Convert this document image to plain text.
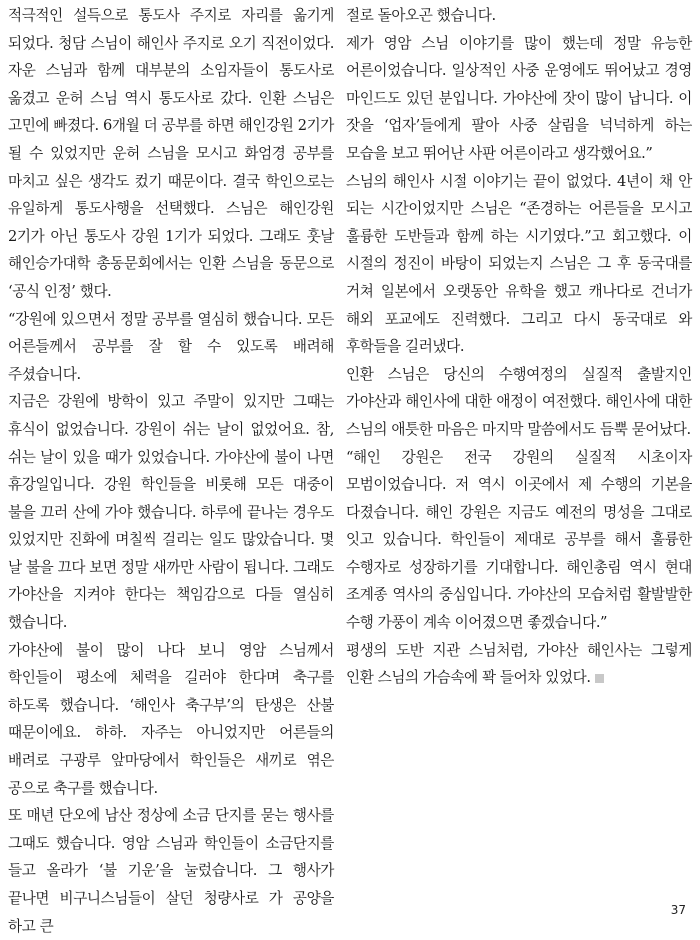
적극적인 설득으로 통도사 주지로 자리를 옮기게 되었다. 청담 스님이 해인사 주지로 오기 직전이었다. 자운 스님과 함께 대부분의 소임자들이 통도사로 옮겼고 운허 스님 역시 통도사로 갔다. 인환 스님은 고민에 빠졌다. 6개월 더 공부를 하면 해인강원 2기가 될 수 있었지만 운허 스님을 모시고 화엄경 공부를 마치고 싶은 생각도 컸기 때문이다. 결국 학인으로는 유일하게 통도사행을 선택했다. 스님은 해인강원 2기가 아닌 통도사 강원 1기가 되었다. 그래도 훗날 해인승가대학 총동문회에서는 인환 스님을 동문으로 ‘공식 인정’ 했다.

“강원에 있으면서 정말 공부를 열심히 했습니다. 모든 어른들께서 공부를 잘 할 수 있도록 배려해 주셨습니다.

지금은 강원에 방학이 있고 주말이 있지만 그때는 휴식이 없었습니다. 강원이 쉬는 날이 없었어요. 참, 쉬는 날이 있을 때가 있었습니다. 가야산에 불이 나면 휴강일입니다. 강원 학인들을 비롯해 모든 대중이 불을 끄러 산에 가야 했습니다. 하루에 끝나는 경우도 있었지만 진화에 며칠씩 걸리는 일도 많았습니다. 몇 날 불을 끄다 보면 정말 새까만 사람이 됩니다. 그래도 가야산을 지켜야 한다는 책임감으로 다들 열심히 했습니다.

가야산에 불이 많이 나다 보니 영암 스님께서 학인들이 평소에 체력을 길러야 한다며 축구를 하도록 했습니다. ‘해인사 축구부’의 탄생은 산불 때문이에요. 하하. 자주는 아니었지만 어른들의 배려로 구광루 앞마당에서 학인들은 새끼로 엮은 공으로 축구를 했습니다.

또 매년 단오에 남산 정상에 소금 단지를 묻는 행사를 그때도 했습니다. 영암 스님과 학인들이 소금단지를 들고 올라가 ‘불 기운’을 눌렀습니다. 그 행사가 끝나면 비구니스님들이 살던 청량사로 가 공양을 하고 큰

절로 돌아오곤 했습니다.

제가 영암 스님 이야기를 많이 했는데 정말 유능한 어른이었습니다. 일상적인 사중 운영에도 뛰어났고 경영 마인드도 있던 분입니다. 가야산에 잣이 많이 납니다. 이 잣을 ‘업자’들에게 팔아 사중 살림을 넉넉하게 하는 모습을 보고 뛰어난 사판 어른이라고 생각했어요.”

스님의 해인사 시절 이야기는 끝이 없었다. 4년이 채 안 되는 시간이었지만 스님은 “존경하는 어른들을 모시고 훌륭한 도반들과 함께 하는 시기였다.”고 회고했다. 이 시절의 정진이 바탕이 되었는지 스님은 그 후 동국대를 거쳐 일본에서 오랫동안 유학을 했고 캐나다로 건너가 해외 포교에도 진력했다. 그리고 다시 동국대로 와 후학들을 길러냈다.

인환 스님은 당신의 수행여정의 실질적 출발지인 가야산과 해인사에 대한 애정이 여전했다. 해인사에 대한 스님의 애틋한 마음은 마지막 말씀에서도 듬뿍 묻어났다.

“해인 강원은 전국 강원의 실질적 시초이자 모범이었습니다. 저 역시 이곳에서 제 수행의 기본을 다졌습니다. 해인 강원은 지금도 예전의 명성을 그대로 잇고 있습니다. 학인들이 제대로 공부를 해서 훌륭한 수행자로 성장하기를 기대합니다. 해인총림 역시 현대 조계종 역사의 중심입니다. 가야산의 모습처럼 활발발한 수행 가풍이 계속 이어졌으면 좋겠습니다.”

평생의 도반 지관 스님처럼, 가야산 해인사는 그렇게 인환 스님의 가슴속에 꽉 들어차 있었다.

37
